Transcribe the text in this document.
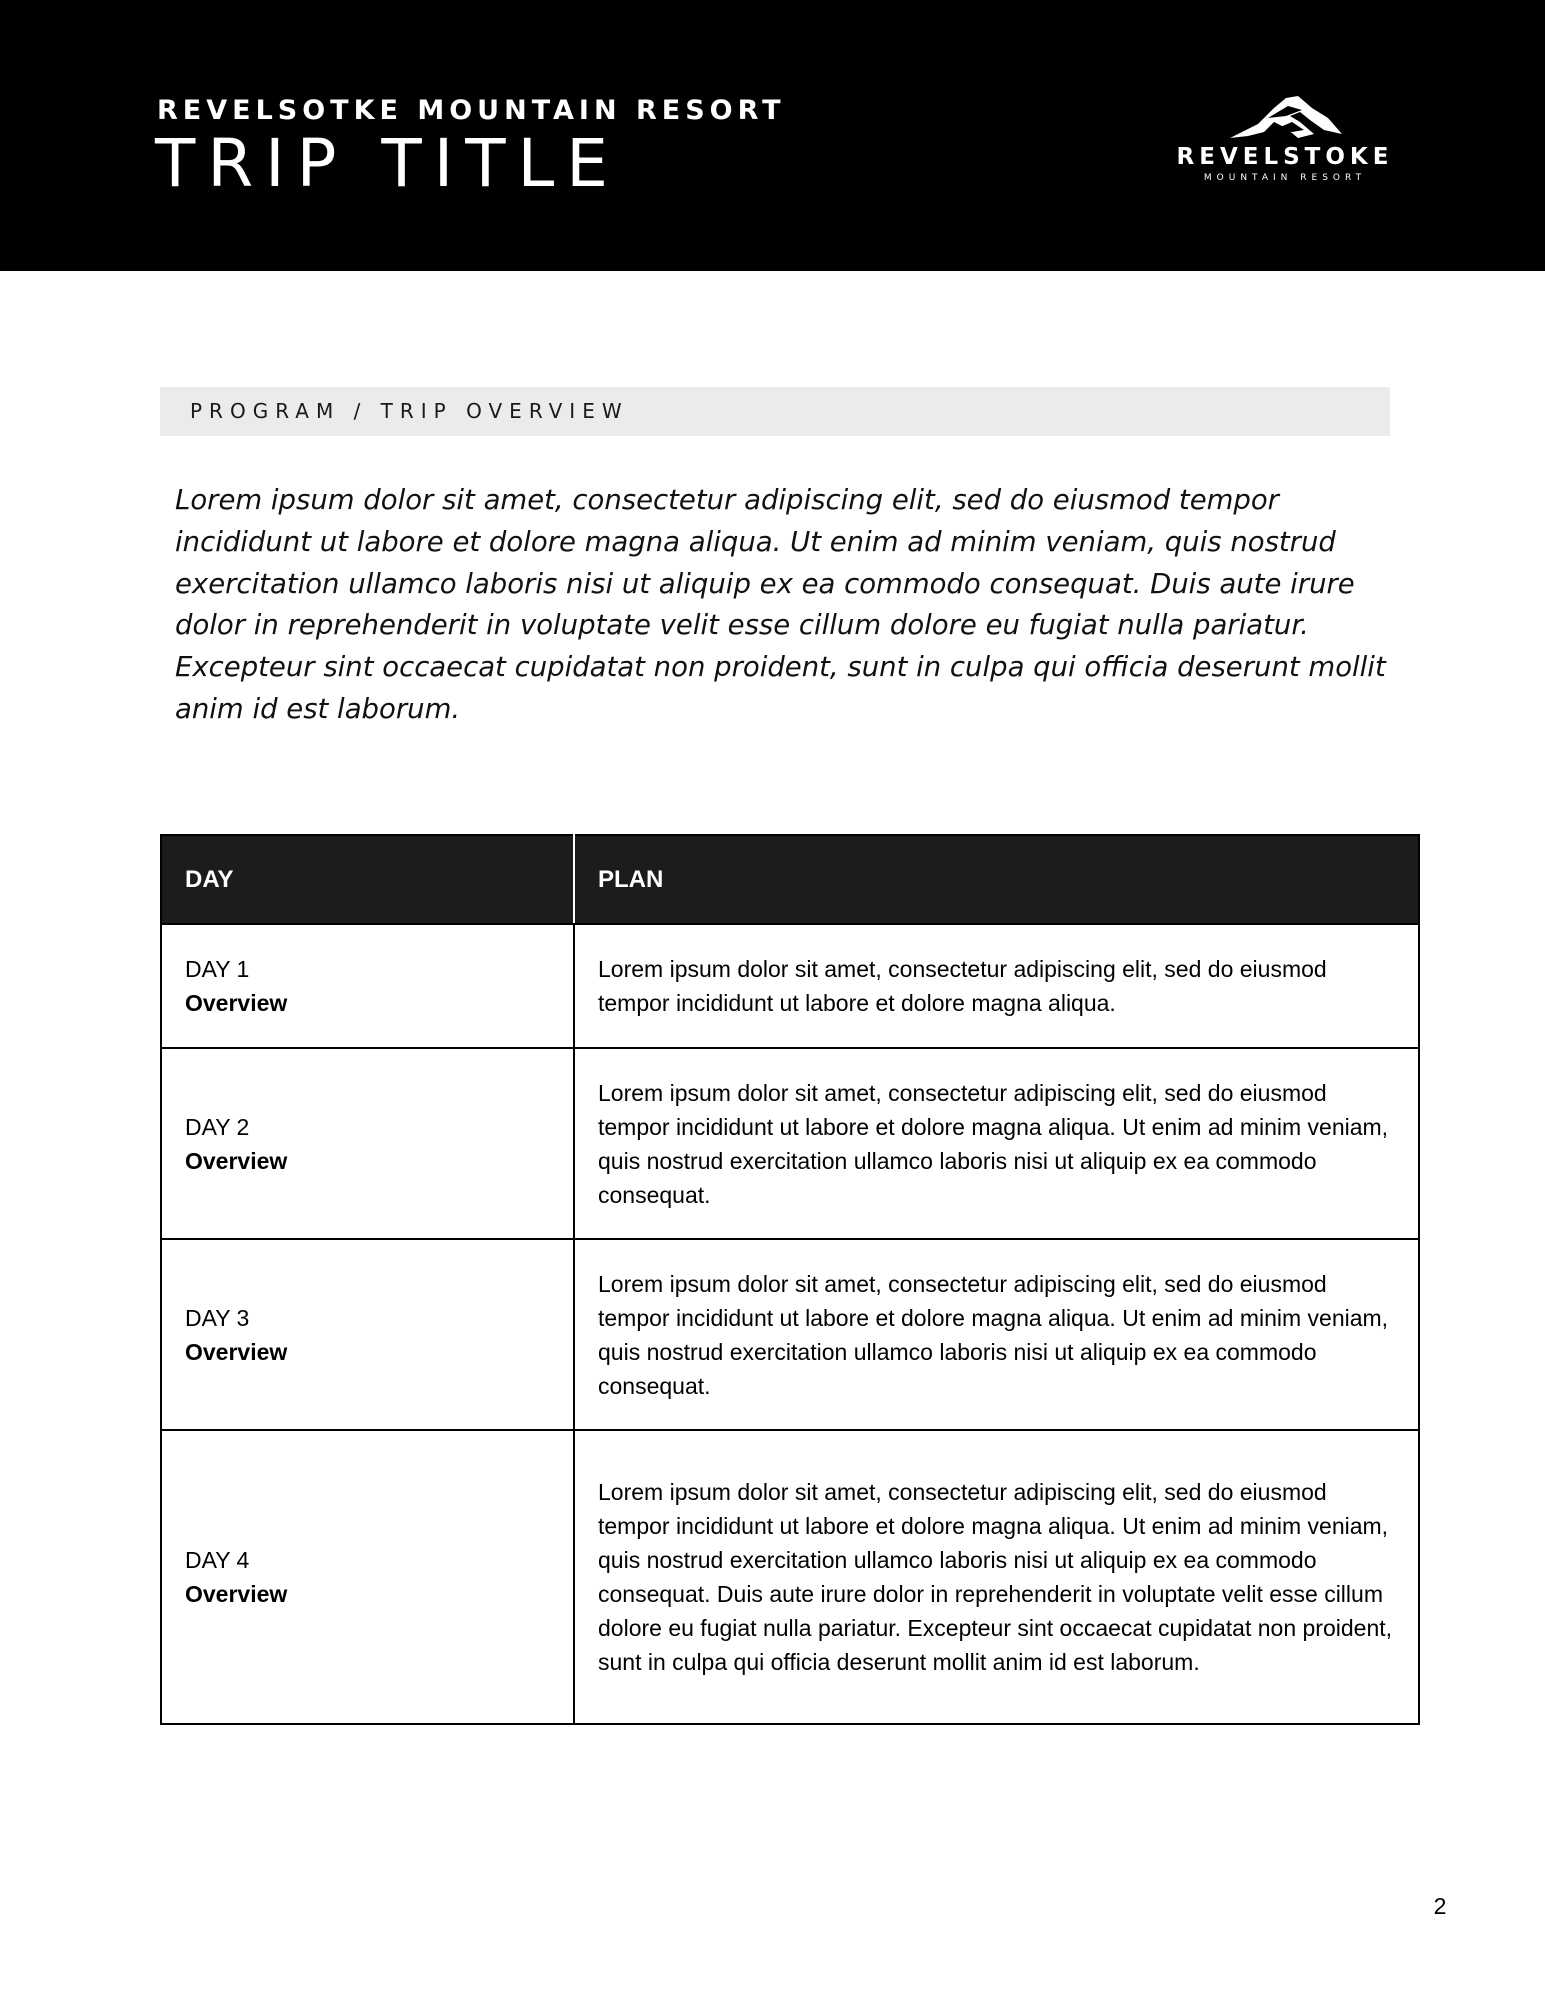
REVELSOTKE MOUNTAIN RESORT
TRIP TITLE	REVELSTOKE
MOUNTAIN RESORT
PROGRAM / TRIP OVERVIEW

Lorem ipsum dolor sit amet, consectetur adipiscing elit, sed do eiusmod tempor incididunt ut labore et dolore magna aliqua. Ut enim ad minim veniam, quis nostrud exercitation ullamco laboris nisi ut aliquip ex ea commodo consequat. Duis aute irure dolor in reprehenderit in voluptate velit esse cillum dolore eu fugiat nulla pariatur. Excepteur sint occaecat cupidatat non proident, sunt in culpa qui officia deserunt mollit anim id est laborum.

DAY	PLAN

DAY 1
Overview	Lorem ipsum dolor sit amet, consectetur adipiscing elit, sed do eiusmod tempor incididunt ut labore et dolore magna aliqua.

DAY 2
Overview	Lorem ipsum dolor sit amet, consectetur adipiscing elit, sed do eiusmod tempor incididunt ut labore et dolore magna aliqua. Ut enim ad minim veniam, quis nostrud exercitation ullamco laboris nisi ut aliquip ex ea commodo consequat.

DAY 3
Overview	Lorem ipsum dolor sit amet, consectetur adipiscing elit, sed do eiusmod tempor incididunt ut labore et dolore magna aliqua. Ut enim ad minim veniam, quis nostrud exercitation ullamco laboris nisi ut aliquip ex ea commodo consequat.

DAY 4
Overview	Lorem ipsum dolor sit amet, consectetur adipiscing elit, sed do eiusmod tempor incididunt ut labore et dolore magna aliqua. Ut enim ad minim veniam, quis nostrud exercitation ullamco laboris nisi ut aliquip ex ea commodo consequat. Duis aute irure dolor in reprehenderit in voluptate velit esse cillum dolore eu fugiat nulla pariatur. Excepteur sint occaecat cupidatat non proident, sunt in culpa qui officia deserunt mollit anim id est laborum.
2
